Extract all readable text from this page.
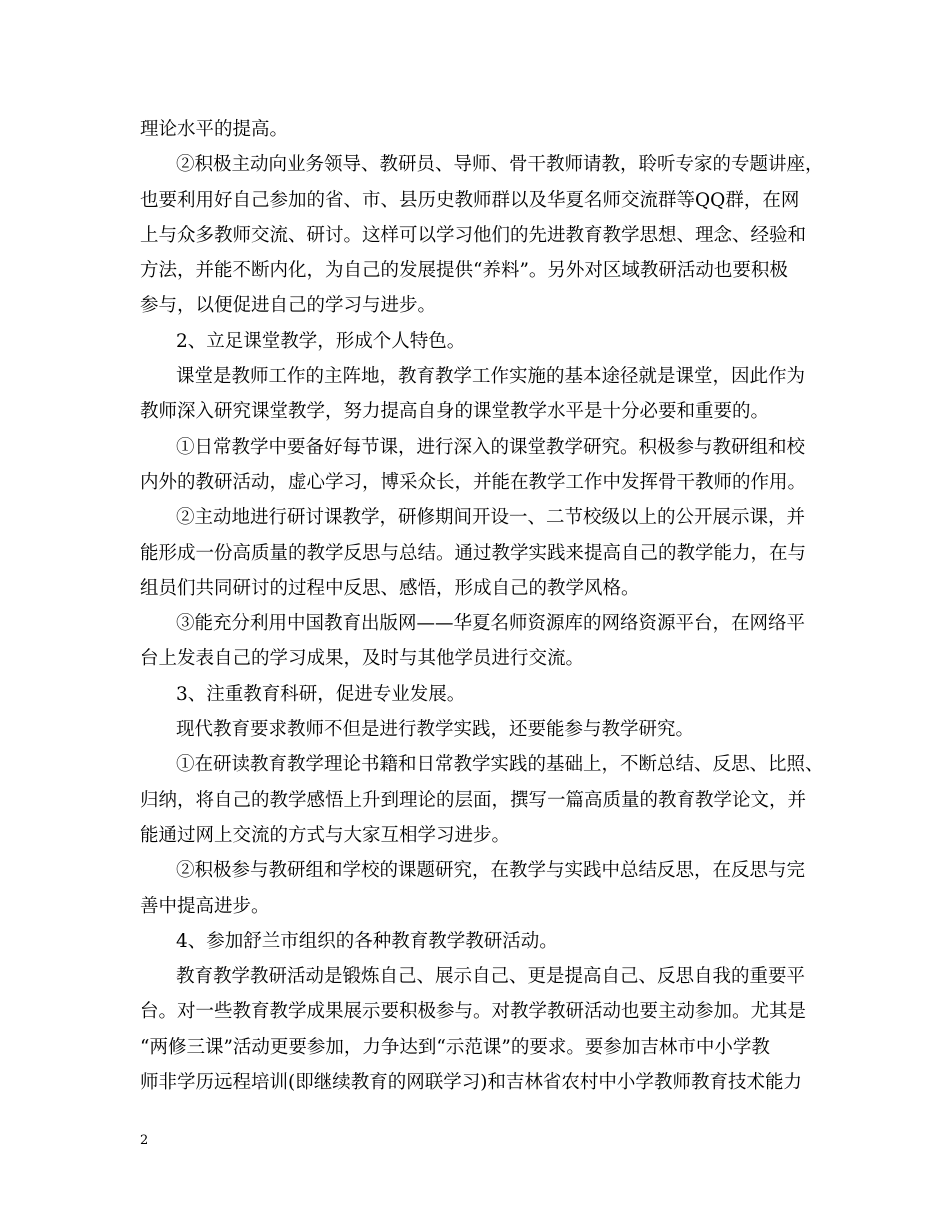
理论水平的提高。
②积极主动向业务领导、教研员、导师、骨干教师请教，聆听专家的专题讲座，
也要利用好自己参加的省、市、县历史教师群以及华夏名师交流群等QQ群，在网
上与众多教师交流、研讨。这样可以学习他们的先进教育教学思想、理念、经验和
方法，并能不断内化，为自己的发展提供“养料”。另外对区域教研活动也要积极
参与，以便促进自己的学习与进步。
2、立足课堂教学，形成个人特色。
课堂是教师工作的主阵地，教育教学工作实施的基本途径就是课堂，因此作为
教师深入研究课堂教学，努力提高自身的课堂教学水平是十分必要和重要的。
①日常教学中要备好每节课，进行深入的课堂教学研究。积极参与教研组和校
内外的教研活动，虚心学习，博采众长，并能在教学工作中发挥骨干教师的作用。
②主动地进行研讨课教学，研修期间开设一、二节校级以上的公开展示课，并
能形成一份高质量的教学反思与总结。通过教学实践来提高自己的教学能力，在与
组员们共同研讨的过程中反思、感悟，形成自己的教学风格。
③能充分利用中国教育出版网——华夏名师资源库的网络资源平台，在网络平
台上发表自己的学习成果，及时与其他学员进行交流。
3、注重教育科研，促进专业发展。
现代教育要求教师不但是进行教学实践，还要能参与教学研究。
①在研读教育教学理论书籍和日常教学实践的基础上，不断总结、反思、比照、
归纳，将自己的教学感悟上升到理论的层面，撰写一篇高质量的教育教学论文，并
能通过网上交流的方式与大家互相学习进步。
②积极参与教研组和学校的课题研究，在教学与实践中总结反思，在反思与完
善中提高进步。
4、参加舒兰市组织的各种教育教学教研活动。
教育教学教研活动是锻炼自己、展示自己、更是提高自己、反思自我的重要平
台。对一些教育教学成果展示要积极参与。对教学教研活动也要主动参加。尤其是
“两修三课”活动更要参加，力争达到“示范课”的要求。要参加吉林市中小学教
师非学历远程培训(即继续教育的网联学习)和吉林省农村中小学教师教育技术能力
2
